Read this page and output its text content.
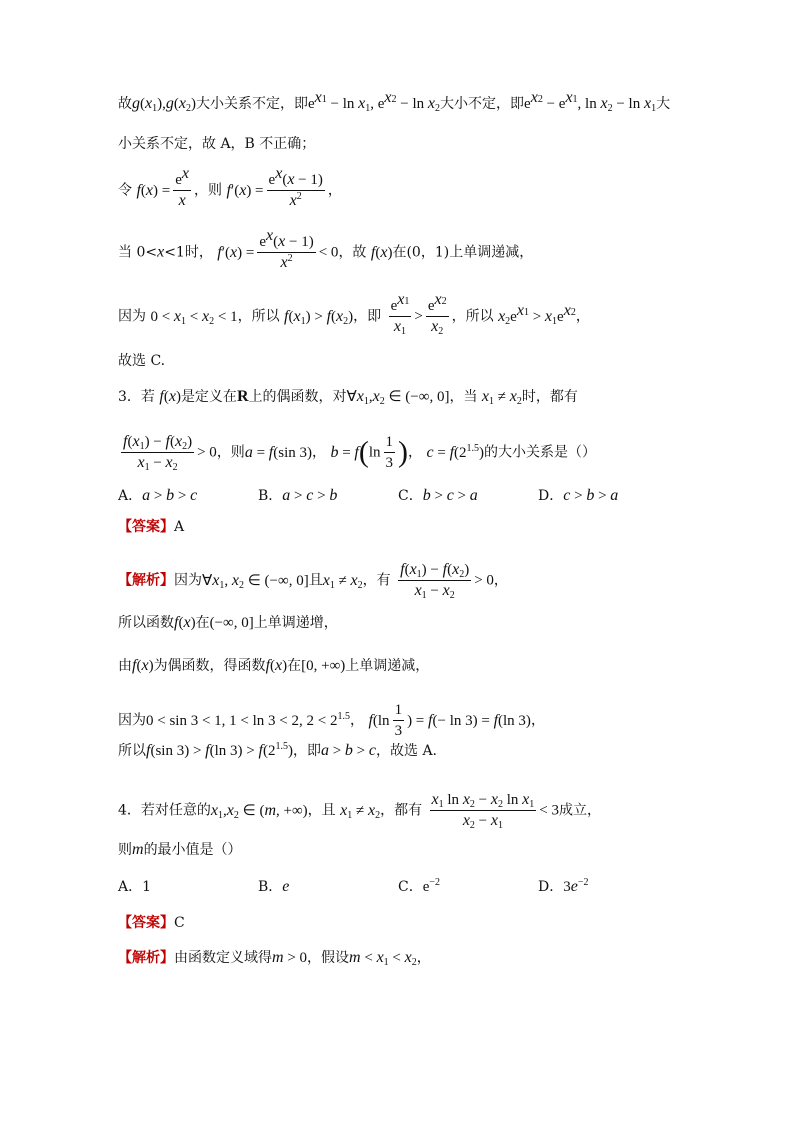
故$g(x_1),g(x_2)$大小关系不定，即$e^{x1} - \ln x_1$, $e^{x2} - \ln x_2$大小不定，即$e^{x2} - e^{x1}$, $\ln x_2 - \ln x_1$大
小关系不定，故 A，B 不正确；
令 $f(x) = \frac{e^x}{x}$ ，则 $f'(x) = \frac{e^x(x - 1)}{x^2}$ ，
当 0<x<1时， $f'(x) = \frac{e^x(x - 1)}{x^2} < 0$，故 f(x)在(0，1)上单调递减，
因为 $0 < x_1 < x_2 < 1$，所以 $f(x_1) > f(x_2)$，即 $\frac{e^{x1}}{x_1} > \frac{e^{x2}}{x_2}$ ，所以 $x_2e^{x1} > x_1e^{x2}$，
故选 C.
3．若 f(x)是定义在R上的偶函数，对$\forall x_1,x_2$ ∈ (−∞, 0]，当 $x_1 \ne x_2$时，都有
$\frac{f(x_1) - f(x_2)}{x_1 - x_2} > 0$，则a = f(sin 3)， $b = f(\ln \frac{1}{3}$ )， $c = f(2^{1.5})$的大小关系是（）
A．a > b > c	B．a > c > b	C．b > c > a	D．c > b > a
【答案】A
【解析】因为$\forall x_1$, $x_2$ ∈ (−∞, 0]且$x_1 \ne x_2$，有 $\frac{f(x_1) - f(x_2)}{x_1 - x_2} > 0$，
所以函数f(x)在(−∞, 0]上单调递增，
由f(x)为偶函数，得函数f(x)在[0, +∞)上单调递减，
因为0 < sin 3 < 1, 1 < ln 3 < 2, $2 < 2^{1.5}$， $f(\ln \frac{1}{3}$ ) = f(− ln 3) = f(ln 3)，
所以f(sin 3) > f(ln $3) > f(2^{1.5})$，即a > b > c，故选 A.
4．若对任意的$x_1,x_2$ ∈ (m, +∞)，且 $x_1 \ne x_2$，都有 $\frac{x_1 \ln x_2 - x_2 \ln x_1}{x_2 - x_1} < 3$成立，
则m的最小值是（）
A．1	B．e	C．$e^{-2}$	D．$3e^{-2}$
【答案】C
【解析】由函数定义域得m > 0，假设$m < x_1 < x_2$，
